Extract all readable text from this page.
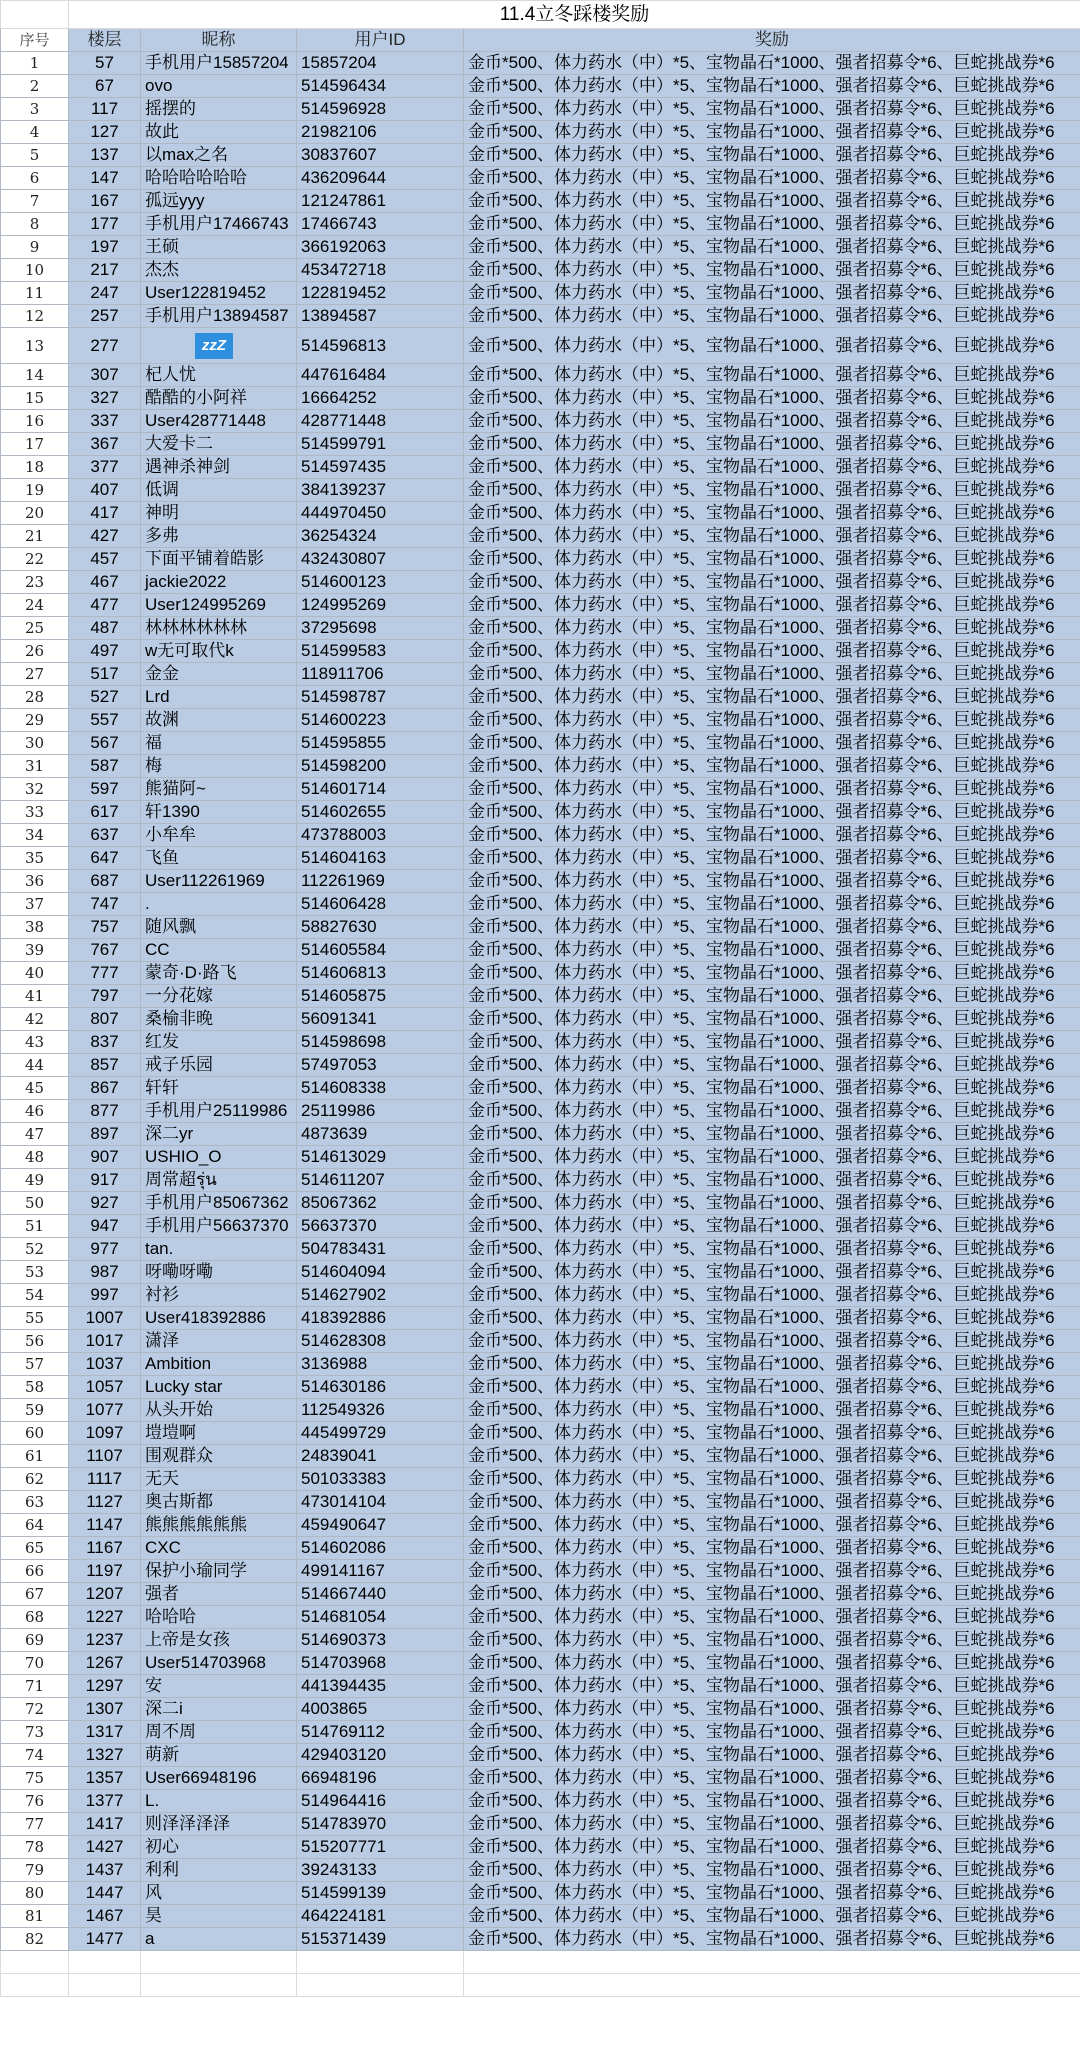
	11.4立冬踩楼奖励			
序号	楼层	昵称	用户ID	奖励
1	57	手机用户15857204	15857204	金币*500、体力药水（中）*5、宝物晶石*1000、强者招募令*6、巨蛇挑战券*6
2	67	ovo	514596434	金币*500、体力药水（中）*5、宝物晶石*1000、强者招募令*6、巨蛇挑战券*6
3	117	摇摆的	514596928	金币*500、体力药水（中）*5、宝物晶石*1000、强者招募令*6、巨蛇挑战券*6
4	127	故此	21982106	金币*500、体力药水（中）*5、宝物晶石*1000、强者招募令*6、巨蛇挑战券*6
5	137	以max之名	30837607	金币*500、体力药水（中）*5、宝物晶石*1000、强者招募令*6、巨蛇挑战券*6
6	147	哈哈哈哈哈哈	436209644	金币*500、体力药水（中）*5、宝物晶石*1000、强者招募令*6、巨蛇挑战券*6
7	167	孤远yyy	121247861	金币*500、体力药水（中）*5、宝物晶石*1000、强者招募令*6、巨蛇挑战券*6
8	177	手机用户17466743	17466743	金币*500、体力药水（中）*5、宝物晶石*1000、强者招募令*6、巨蛇挑战券*6
9	197	王硕	366192063	金币*500、体力药水（中）*5、宝物晶石*1000、强者招募令*6、巨蛇挑战券*6
10	217	杰杰	453472718	金币*500、体力药水（中）*5、宝物晶石*1000、强者招募令*6、巨蛇挑战券*6
11	247	User122819452	122819452	金币*500、体力药水（中）*5、宝物晶石*1000、强者招募令*6、巨蛇挑战券*6
12	257	手机用户13894587	13894587	金币*500、体力药水（中）*5、宝物晶石*1000、强者招募令*6、巨蛇挑战券*6
13	277	zzZ	514596813	金币*500、体力药水（中）*5、宝物晶石*1000、强者招募令*6、巨蛇挑战券*6
14	307	杞人忧	447616484	金币*500、体力药水（中）*5、宝物晶石*1000、强者招募令*6、巨蛇挑战券*6
15	327	酷酷的小阿祥	16664252	金币*500、体力药水（中）*5、宝物晶石*1000、强者招募令*6、巨蛇挑战券*6
16	337	User428771448	428771448	金币*500、体力药水（中）*5、宝物晶石*1000、强者招募令*6、巨蛇挑战券*6
17	367	大爱卡二	514599791	金币*500、体力药水（中）*5、宝物晶石*1000、强者招募令*6、巨蛇挑战券*6
18	377	遇神杀神剑	514597435	金币*500、体力药水（中）*5、宝物晶石*1000、强者招募令*6、巨蛇挑战券*6
19	407	低调	384139237	金币*500、体力药水（中）*5、宝物晶石*1000、强者招募令*6、巨蛇挑战券*6
20	417	神明	444970450	金币*500、体力药水（中）*5、宝物晶石*1000、强者招募令*6、巨蛇挑战券*6
21	427	多弗	36254324	金币*500、体力药水（中）*5、宝物晶石*1000、强者招募令*6、巨蛇挑战券*6
22	457	下面平铺着皓影	432430807	金币*500、体力药水（中）*5、宝物晶石*1000、强者招募令*6、巨蛇挑战券*6
23	467	jackie2022	514600123	金币*500、体力药水（中）*5、宝物晶石*1000、强者招募令*6、巨蛇挑战券*6
24	477	User124995269	124995269	金币*500、体力药水（中）*5、宝物晶石*1000、强者招募令*6、巨蛇挑战券*6
25	487	林林林林林林	37295698	金币*500、体力药水（中）*5、宝物晶石*1000、强者招募令*6、巨蛇挑战券*6
26	497	w无可取代k	514599583	金币*500、体力药水（中）*5、宝物晶石*1000、强者招募令*6、巨蛇挑战券*6
27	517	金金	118911706	金币*500、体力药水（中）*5、宝物晶石*1000、强者招募令*6、巨蛇挑战券*6
28	527	Lrd	514598787	金币*500、体力药水（中）*5、宝物晶石*1000、强者招募令*6、巨蛇挑战券*6
29	557	故渊	514600223	金币*500、体力药水（中）*5、宝物晶石*1000、强者招募令*6、巨蛇挑战券*6
30	567	福	514595855	金币*500、体力药水（中）*5、宝物晶石*1000、强者招募令*6、巨蛇挑战券*6
31	587	梅	514598200	金币*500、体力药水（中）*5、宝物晶石*1000、强者招募令*6、巨蛇挑战券*6
32	597	熊猫阿~	514601714	金币*500、体力药水（中）*5、宝物晶石*1000、强者招募令*6、巨蛇挑战券*6
33	617	轩1390	514602655	金币*500、体力药水（中）*5、宝物晶石*1000、强者招募令*6、巨蛇挑战券*6
34	637	小牟牟	473788003	金币*500、体力药水（中）*5、宝物晶石*1000、强者招募令*6、巨蛇挑战券*6
35	647	飞鱼	514604163	金币*500、体力药水（中）*5、宝物晶石*1000、强者招募令*6、巨蛇挑战券*6
36	687	User112261969	112261969	金币*500、体力药水（中）*5、宝物晶石*1000、强者招募令*6、巨蛇挑战券*6
37	747	.	514606428	金币*500、体力药水（中）*5、宝物晶石*1000、强者招募令*6、巨蛇挑战券*6
38	757	随风飘	58827630	金币*500、体力药水（中）*5、宝物晶石*1000、强者招募令*6、巨蛇挑战券*6
39	767	CC	514605584	金币*500、体力药水（中）*5、宝物晶石*1000、强者招募令*6、巨蛇挑战券*6
40	777	蒙奇·D·路飞	514606813	金币*500、体力药水（中）*5、宝物晶石*1000、强者招募令*6、巨蛇挑战券*6
41	797	一分花嫁	514605875	金币*500、体力药水（中）*5、宝物晶石*1000、强者招募令*6、巨蛇挑战券*6
42	807	桑榆非晚	56091341	金币*500、体力药水（中）*5、宝物晶石*1000、强者招募令*6、巨蛇挑战券*6
43	837	红发	514598698	金币*500、体力药水（中）*5、宝物晶石*1000、强者招募令*6、巨蛇挑战券*6
44	857	戒子乐园	57497053	金币*500、体力药水（中）*5、宝物晶石*1000、强者招募令*6、巨蛇挑战券*6
45	867	轩轩	514608338	金币*500、体力药水（中）*5、宝物晶石*1000、强者招募令*6、巨蛇挑战券*6
46	877	手机用户25119986	25119986	金币*500、体力药水（中）*5、宝物晶石*1000、强者招募令*6、巨蛇挑战券*6
47	897	深二yr	4873639	金币*500、体力药水（中）*5、宝物晶石*1000、强者招募令*6、巨蛇挑战券*6
48	907	USHIO_O	514613029	金币*500、体力药水（中）*5、宝物晶石*1000、强者招募令*6、巨蛇挑战券*6
49	917	周常超รุ่น	514611207	金币*500、体力药水（中）*5、宝物晶石*1000、强者招募令*6、巨蛇挑战券*6
50	927	手机用户85067362	85067362	金币*500、体力药水（中）*5、宝物晶石*1000、强者招募令*6、巨蛇挑战券*6
51	947	手机用户56637370	56637370	金币*500、体力药水（中）*5、宝物晶石*1000、强者招募令*6、巨蛇挑战券*6
52	977	tan.	504783431	金币*500、体力药水（中）*5、宝物晶石*1000、强者招募令*6、巨蛇挑战券*6
53	987	呀嘞呀嘞	514604094	金币*500、体力药水（中）*5、宝物晶石*1000、强者招募令*6、巨蛇挑战券*6
54	997	衬衫	514627902	金币*500、体力药水（中）*5、宝物晶石*1000、强者招募令*6、巨蛇挑战券*6
55	1007	User418392886	418392886	金币*500、体力药水（中）*5、宝物晶石*1000、强者招募令*6、巨蛇挑战券*6
56	1017	潇泽	514628308	金币*500、体力药水（中）*5、宝物晶石*1000、强者招募令*6、巨蛇挑战券*6
57	1037	Ambition	3136988	金币*500、体力药水（中）*5、宝物晶石*1000、强者招募令*6、巨蛇挑战券*6
58	1057	Lucky star	514630186	金币*500、体力药水（中）*5、宝物晶石*1000、强者招募令*6、巨蛇挑战券*6
59	1077	从头开始	112549326	金币*500、体力药水（中）*5、宝物晶石*1000、强者招募令*6、巨蛇挑战券*6
60	1097	塏塏啊	445499729	金币*500、体力药水（中）*5、宝物晶石*1000、强者招募令*6、巨蛇挑战券*6
61	1107	围观群众	24839041	金币*500、体力药水（中）*5、宝物晶石*1000、强者招募令*6、巨蛇挑战券*6
62	1117	无天	501033383	金币*500、体力药水（中）*5、宝物晶石*1000、强者招募令*6、巨蛇挑战券*6
63	1127	奥古斯都	473014104	金币*500、体力药水（中）*5、宝物晶石*1000、强者招募令*6、巨蛇挑战券*6
64	1147	熊熊熊熊熊熊	459490647	金币*500、体力药水（中）*5、宝物晶石*1000、强者招募令*6、巨蛇挑战券*6
65	1167	CXC	514602086	金币*500、体力药水（中）*5、宝物晶石*1000、强者招募令*6、巨蛇挑战券*6
66	1197	保护小瑜同学	499141167	金币*500、体力药水（中）*5、宝物晶石*1000、强者招募令*6、巨蛇挑战券*6
67	1207	强者	514667440	金币*500、体力药水（中）*5、宝物晶石*1000、强者招募令*6、巨蛇挑战券*6
68	1227	哈哈哈	514681054	金币*500、体力药水（中）*5、宝物晶石*1000、强者招募令*6、巨蛇挑战券*6
69	1237	上帝是女孩	514690373	金币*500、体力药水（中）*5、宝物晶石*1000、强者招募令*6、巨蛇挑战券*6
70	1267	User514703968	514703968	金币*500、体力药水（中）*5、宝物晶石*1000、强者招募令*6、巨蛇挑战券*6
71	1297	安	441394435	金币*500、体力药水（中）*5、宝物晶石*1000、强者招募令*6、巨蛇挑战券*6
72	1307	深二i	4003865	金币*500、体力药水（中）*5、宝物晶石*1000、强者招募令*6、巨蛇挑战券*6
73	1317	周不周	514769112	金币*500、体力药水（中）*5、宝物晶石*1000、强者招募令*6、巨蛇挑战券*6
74	1327	萌新	429403120	金币*500、体力药水（中）*5、宝物晶石*1000、强者招募令*6、巨蛇挑战券*6
75	1357	User66948196	66948196	金币*500、体力药水（中）*5、宝物晶石*1000、强者招募令*6、巨蛇挑战券*6
76	1377	L.	514964416	金币*500、体力药水（中）*5、宝物晶石*1000、强者招募令*6、巨蛇挑战券*6
77	1417	则泽泽泽泽	514783970	金币*500、体力药水（中）*5、宝物晶石*1000、强者招募令*6、巨蛇挑战券*6
78	1427	初心	515207771	金币*500、体力药水（中）*5、宝物晶石*1000、强者招募令*6、巨蛇挑战券*6
79	1437	利利	39243133	金币*500、体力药水（中）*5、宝物晶石*1000、强者招募令*6、巨蛇挑战券*6
80	1447	风	514599139	金币*500、体力药水（中）*5、宝物晶石*1000、强者招募令*6、巨蛇挑战券*6
81	1467	昊	464224181	金币*500、体力药水（中）*5、宝物晶石*1000、强者招募令*6、巨蛇挑战券*6
82	1477	a	515371439	金币*500、体力药水（中）*5、宝物晶石*1000、强者招募令*6、巨蛇挑战券*6
